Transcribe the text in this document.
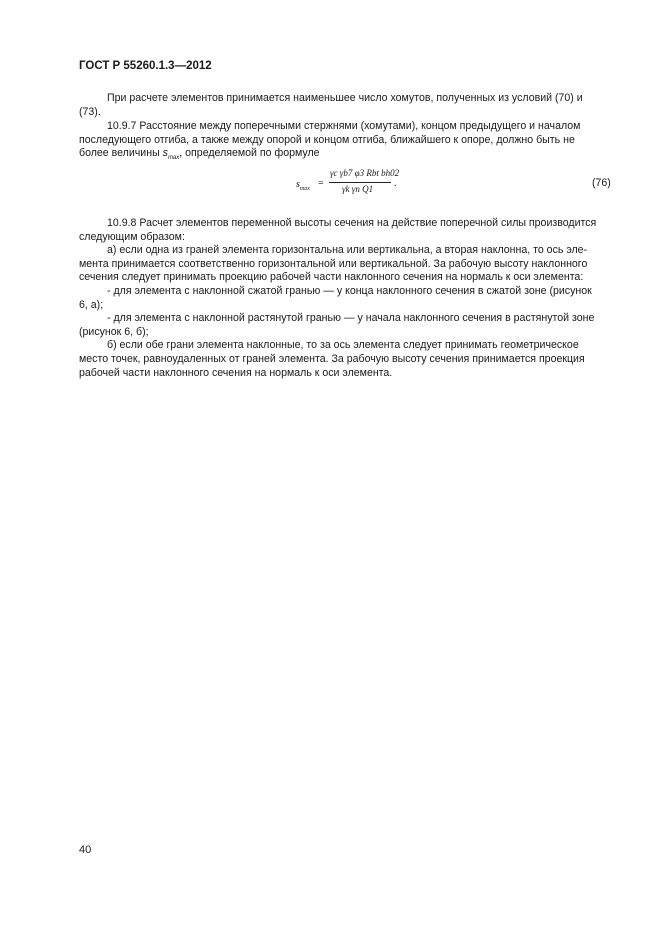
ГОСТ Р 55260.1.3—2012

При расчете элементов принимается наименьшее число хомутов, полученных из условий (70) и

(73).

10.9.7 Расстояние между поперечными стержнями (хомутами), концом предыдущего и началом

последующего отгиба, а также между опорой и концом отгиба, ближайшего к опоре, должно быть не

более величины $s_{max}$, определяемой по формуле

$s_{max}$ =
γc γb7 φ3 Rbt bh02
γk γn Q1 .	(76)

10.9.8 Расчет элементов переменной высоты сечения на действие поперечной силы производится

следующим образом:

а) если одна из граней элемента горизонтальна или вертикальна, а вторая наклонна, то ось эле-

мента принимается соответственно горизонтальной или вертикальной. За рабочую высоту наклонного

сечения следует принимать проекцию рабочей части наклонного сечения на нормаль к оси элемента:

- для элемента с наклонной сжатой гранью — у конца наклонного сечения в сжатой зоне (рисунок

6, а);

- для элемента с наклонной растянутой гранью — у начала наклонного сечения в растянутой зоне

(рисунок 6, б);

б) если обе грани элемента наклонные, то за ось элемента следует принимать геометрическое

место точек, равноудаленных от граней элемента. За рабочую высоту сечения принимается проекция

рабочей части наклонного сечения на нормаль к оси элемента.

40
